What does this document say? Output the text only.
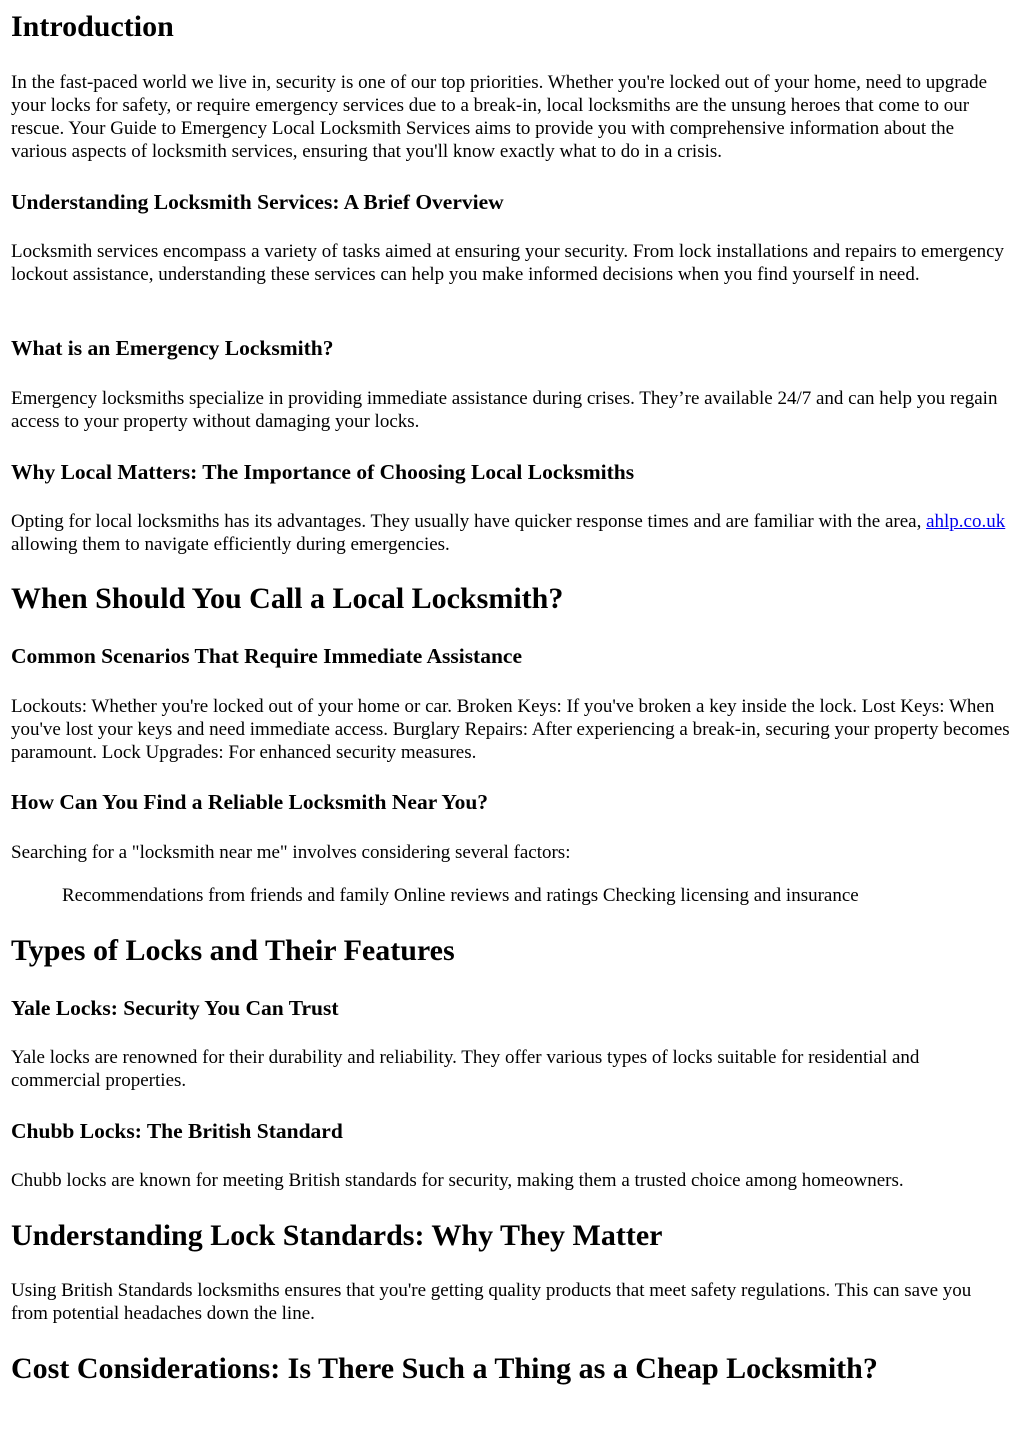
Introduction

In the fast-paced world we live in, security is one of our top priorities. Whether you're locked out of your home, need to upgrade your locks for safety, or require emergency services due to a break-in, local locksmiths are the unsung heroes that come to our rescue. Your Guide to Emergency Local Locksmith Services aims to provide you with comprehensive information about the various aspects of locksmith services, ensuring that you'll know exactly what to do in a crisis.

Understanding Locksmith Services: A Brief Overview

Locksmith services encompass a variety of tasks aimed at ensuring your security. From lock installations and repairs to emergency lockout assistance, understanding these services can help you make informed decisions when you find yourself in need.

What is an Emergency Locksmith?

Emergency locksmiths specialize in providing immediate assistance during crises. They’re available 24/7 and can help you regain access to your property without damaging your locks.

Why Local Matters: The Importance of Choosing Local Locksmiths

Opting for local locksmiths has its advantages. They usually have quicker response times and are familiar with the area, ahlp.co.uk allowing them to navigate efficiently during emergencies.

When Should You Call a Local Locksmith?
Common Scenarios That Require Immediate Assistance

Lockouts: Whether you're locked out of your home or car. Broken Keys: If you've broken a key inside the lock. Lost Keys: When you've lost your keys and need immediate access. Burglary Repairs: After experiencing a break-in, securing your property becomes paramount. Lock Upgrades: For enhanced security measures.

How Can You Find a Reliable Locksmith Near You?

Searching for a "locksmith near me" involves considering several factors:

Recommendations from friends and family Online reviews and ratings Checking licensing and insurance

Types of Locks and Their Features
Yale Locks: Security You Can Trust

Yale locks are renowned for their durability and reliability. They offer various types of locks suitable for residential and commercial properties.

Chubb Locks: The British Standard

Chubb locks are known for meeting British standards for security, making them a trusted choice among homeowners.

Understanding Lock Standards: Why They Matter

Using British Standards locksmiths ensures that you're getting quality products that meet safety regulations. This can save you from potential headaches down the line.

Cost Considerations: Is There Such a Thing as a Cheap Locksmith?
